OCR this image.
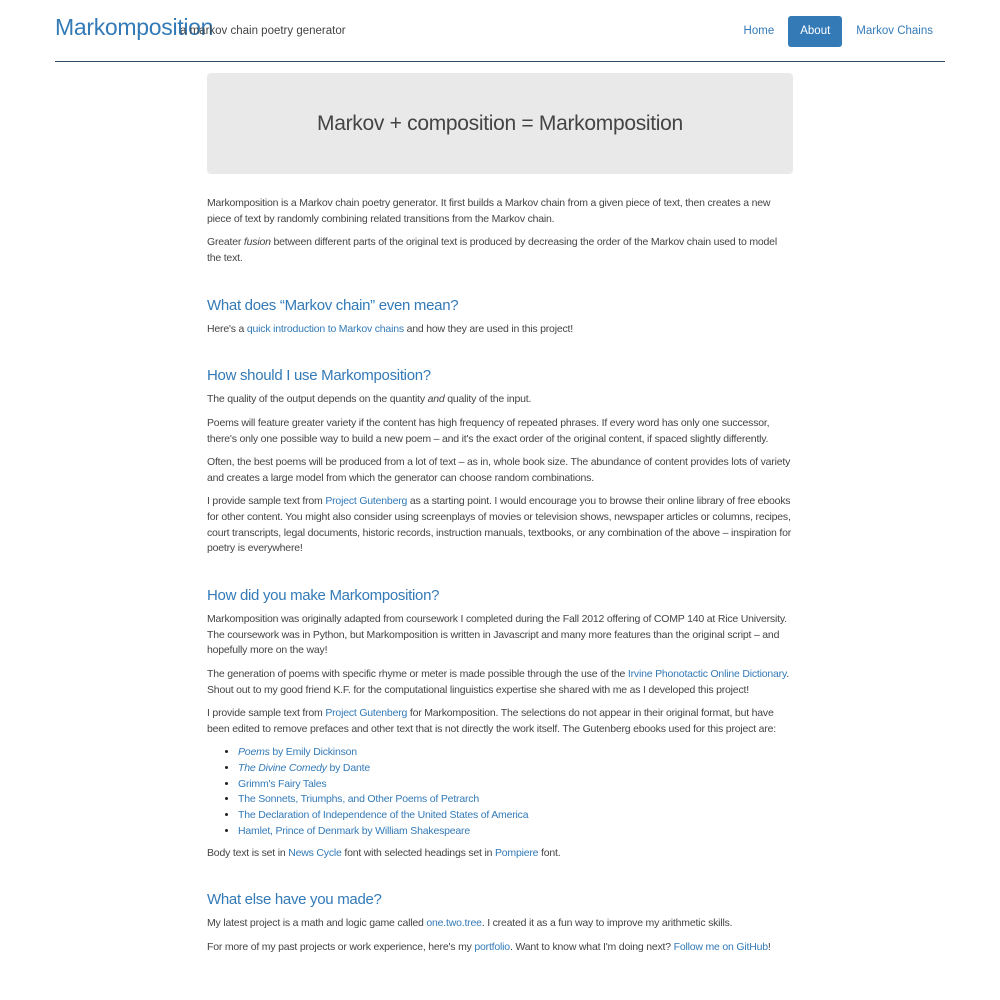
Markomposition
a markov chain poetry generator	Home	About	Markov Chains
Markov + composition = Markomposition

Markomposition is a Markov chain poetry generator. It first builds a Markov chain from a given piece of text, then creates a new piece of text by randomly combining related transitions from the Markov chain.

Greater fusion between different parts of the original text is produced by decreasing the order of the Markov chain used to model the text.

What does “Markov chain” even mean?

Here's a quick introduction to Markov chains and how they are used in this project!

How should I use Markomposition?

The quality of the output depends on the quantity and quality of the input.

Poems will feature greater variety if the content has high frequency of repeated phrases. If every word has only one successor, there's only one possible way to build a new poem – and it's the exact order of the original content, if spaced slightly differently.

Often, the best poems will be produced from a lot of text – as in, whole book size. The abundance of content provides lots of variety and creates a large model from which the generator can choose random combinations.

I provide sample text from Project Gutenberg as a starting point. I would encourage you to browse their online library of free ebooks for other content. You might also consider using screenplays of movies or television shows, newspaper articles or columns, recipes, court transcripts, legal documents, historic records, instruction manuals, textbooks, or any combination of the above – inspiration for poetry is everywhere!

How did you make Markomposition?

Markomposition was originally adapted from coursework I completed during the Fall 2012 offering of COMP 140 at Rice University. The coursework was in Python, but Markomposition is written in Javascript and many more features than the original script – and hopefully more on the way!

The generation of poems with specific rhyme or meter is made possible through the use of the Irvine Phonotactic Online Dictionary. Shout out to my good friend K.F. for the computational linguistics expertise she shared with me as I developed this project!

I provide sample text from Project Gutenberg for Markomposition. The selections do not appear in their original format, but have been edited to remove prefaces and other text that is not directly the work itself. The Gutenberg ebooks used for this project are:

• Poems by Emily Dickinson
• The Divine Comedy by Dante
• Grimm's Fairy Tales
• The Sonnets, Triumphs, and Other Poems of Petrarch
• The Declaration of Independence of the United States of America
• Hamlet, Prince of Denmark by William Shakespeare

Body text is set in News Cycle font with selected headings set in Pompiere font.

What else have you made?

My latest project is a math and logic game called one.two.tree. I created it as a fun way to improve my arithmetic skills.

For more of my past projects or work experience, here's my portfolio. Want to know what I'm doing next? Follow me on GitHub!
